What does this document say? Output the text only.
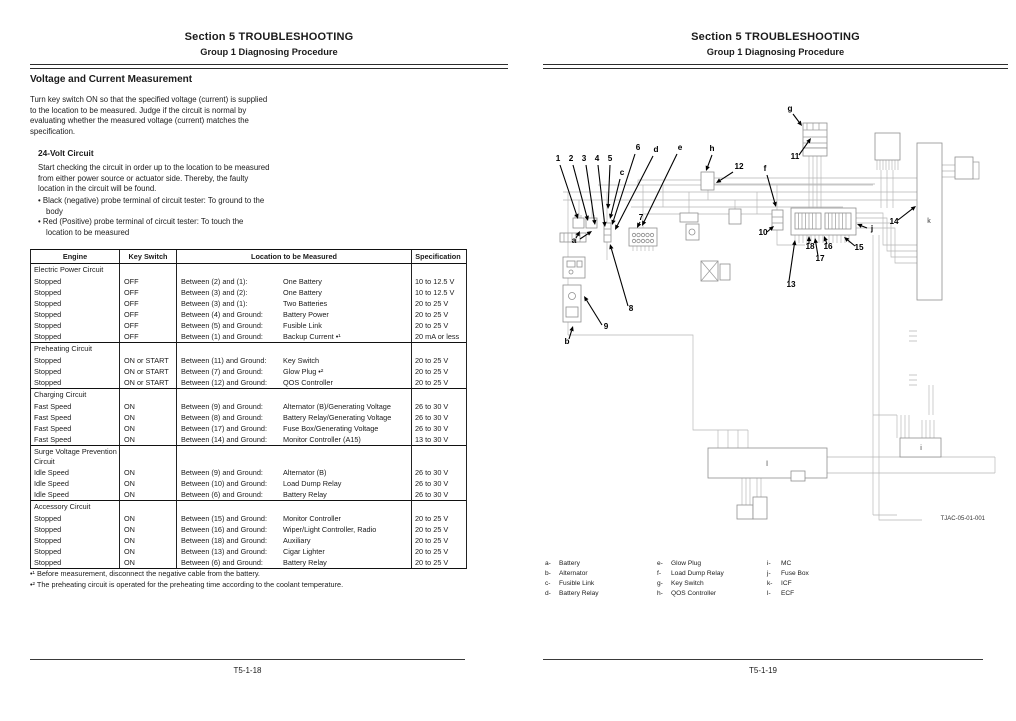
Section 5 TROUBLESHOOTING
Group 1 Diagnosing Procedure
Voltage and Current Measurement
Turn key switch ON so that the specified voltage (current) is supplied to the location to be measured. Judge if the circuit is normal by evaluating whether the measured voltage (current) matches the specification.
24-Volt Circuit
Start checking the circuit in order up to the location to be measured from either power source or actuator side. Thereby, the faulty location in the circuit will be found.
• Black (negative) probe terminal of circuit tester: To ground to the body
• Red (Positive) probe terminal of circuit tester: To touch the location to be measured
Engine	Key Switch	Location to be Measured	Specification
Electric Power Circuit
Stopped	OFF	Between (2) and (1):	One Battery	10 to 12.5 V
Stopped	OFF	Between (3) and (2):	One Battery	10 to 12.5 V
Stopped	OFF	Between (3) and (1):	Two Batteries	20 to 25 V
Stopped	OFF	Between (4) and Ground:	Battery Power	20 to 25 V
Stopped	OFF	Between (5) and Ground:	Fusible Link	20 to 25 V
Stopped	OFF	Between (1) and Ground:	Backup Current •¹	20 mA or less
Preheating Circuit
Stopped	ON or START	Between (11) and Ground:	Key Switch	20 to 25 V
Stopped	ON or START	Between (7) and Ground:	Glow Plug •²	20 to 25 V
Stopped	ON or START	Between (12) and Ground:	QOS Controller	20 to 25 V
Charging Circuit
Fast Speed	ON	Between (9) and Ground:	Alternator (B)/Generating Voltage	26 to 30 V
Fast Speed	ON	Between (8) and Ground:	Battery Relay/Generating Voltage	26 to 30 V
Fast Speed	ON	Between (17) and Ground:	Fuse Box/Generating Voltage	26 to 30 V
Fast Speed	ON	Between (14) and Ground:	Monitor Controller (A15)	13 to 30 V
Surge Voltage Prevention Circuit
Idle Speed	ON	Between (9) and Ground:	Alternator (B)	26 to 30 V
Idle Speed	ON	Between (10) and Ground:	Load Dump Relay	26 to 30 V
Idle Speed	ON	Between (6) and Ground:	Battery Relay	26 to 30 V
Accessory Circuit
Stopped	ON	Between (15) and Ground:	Monitor Controller	20 to 25 V
Stopped	ON	Between (16) and Ground:	Wiper/Light Controller, Radio	20 to 25 V
Stopped	ON	Between (18) and Ground:	Auxiliary	20 to 25 V
Stopped	ON	Between (13) and Ground:	Cigar Lighter	20 to 25 V
Stopped	ON	Between (6) and Ground:	Battery Relay	20 to 25 V
•¹ Before measurement, disconnect the negative cable from the battery.
•² The preheating circuit is operated for the preheating time according to the coolant temperature.
T5-1-18
Section 5 TROUBLESHOOTING
Group 1 Diagnosing Procedure
1 2 3 4 5
c
6 d e	h
12 f
g
11
10
14
j
15
16
17
18
13
7
8
9
a
b
k
i
l
TJAC-05-01-001
a-	Battery
b-	Alternator
c-	Fusible Link
d-	Battery Relay
e-	Glow Plug
f-	Load Dump Relay
g-	Key Switch
h-	QOS Controller
i-	MC
j-	Fuse Box
k-	ICF
l-	ECF
T5-1-19
